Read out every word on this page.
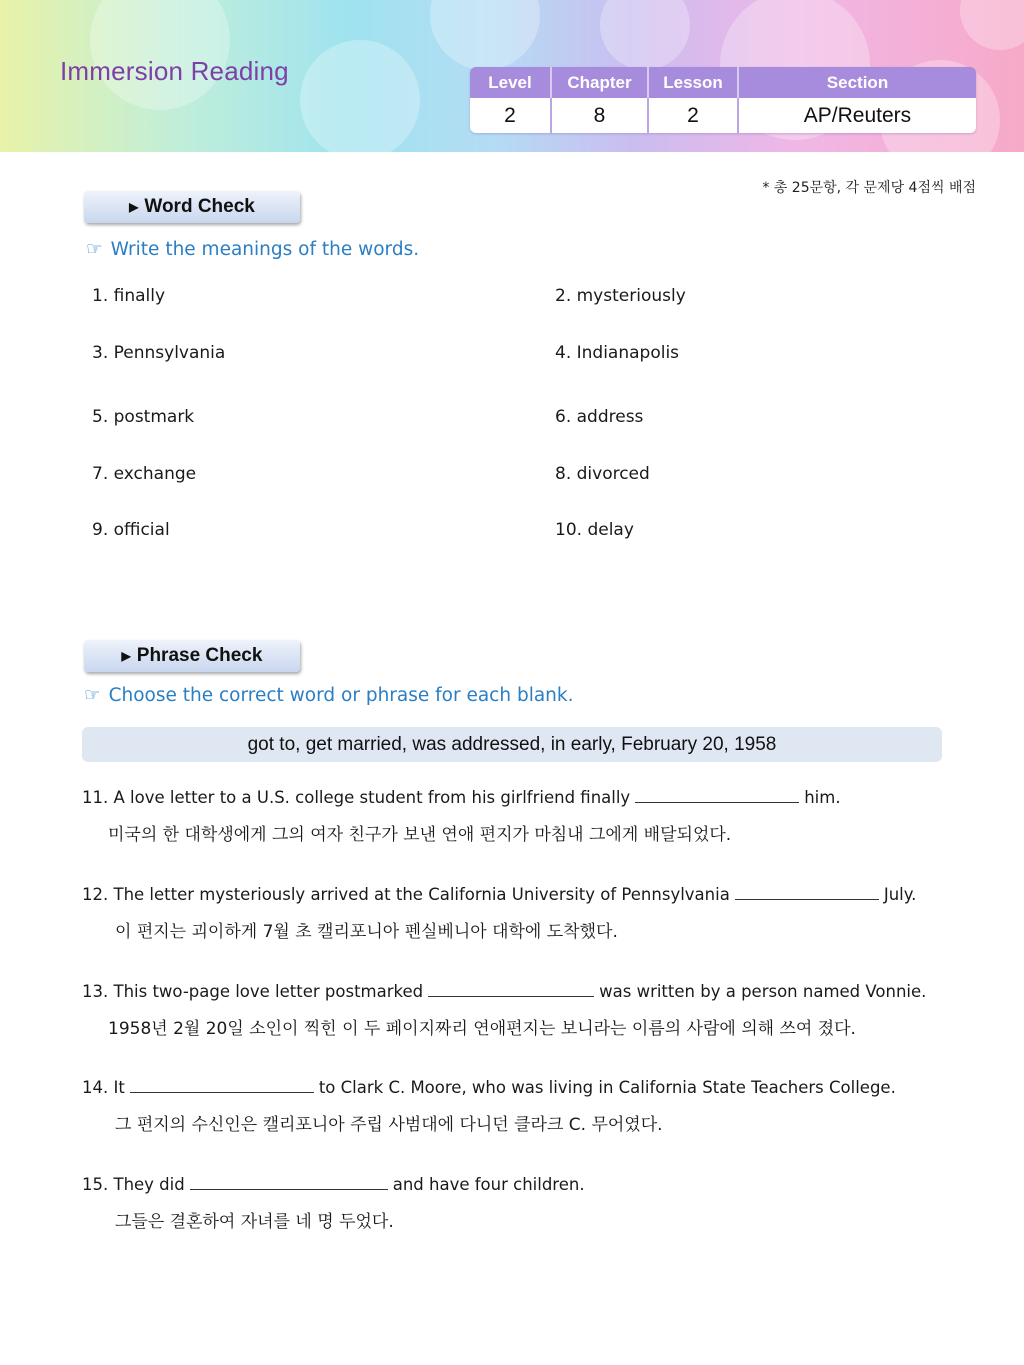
Immersion Reading	Level	Chapter	Lesson	Section
2	8	2	AP/Reuters
* 총 25문항, 각 문제당 4점씩 배점
▶ Word Check
☞ Write the meanings of the words.
1. finally	2. mysteriously
3. Pennsylvania	4. Indianapolis
5. postmark	6. address
7. exchange	8. divorced
9. official	10. delay
▶ Phrase Check
☞ Choose the correct word or phrase for each blank.
got to, get married, was addressed, in early, February 20, 1958
11. A love letter to a U.S. college student from his girlfriend finally	him.
미국의 한 대학생에게 그의 여자 친구가 보낸 연애 편지가 마침내 그에게 배달되었다.
12. The letter mysteriously arrived at the California University of Pennsylvania	July.
이 편지는 괴이하게 7월 초 캘리포니아 펜실베니아 대학에 도착했다.
13. This two-page love letter postmarked	was written by a person named Vonnie.
1958년 2월 20일 소인이 찍힌 이 두 페이지짜리 연애편지는 보니라는 이름의 사람에 의해 쓰여 졌다.
14. It	to Clark C. Moore, who was living in California State Teachers College.
그 편지의 수신인은 캘리포니아 주립 사범대에 다니던 클라크 C. 무어였다.
15. They did	and have four children.
그들은 결혼하여 자녀를 네 명 두었다.
